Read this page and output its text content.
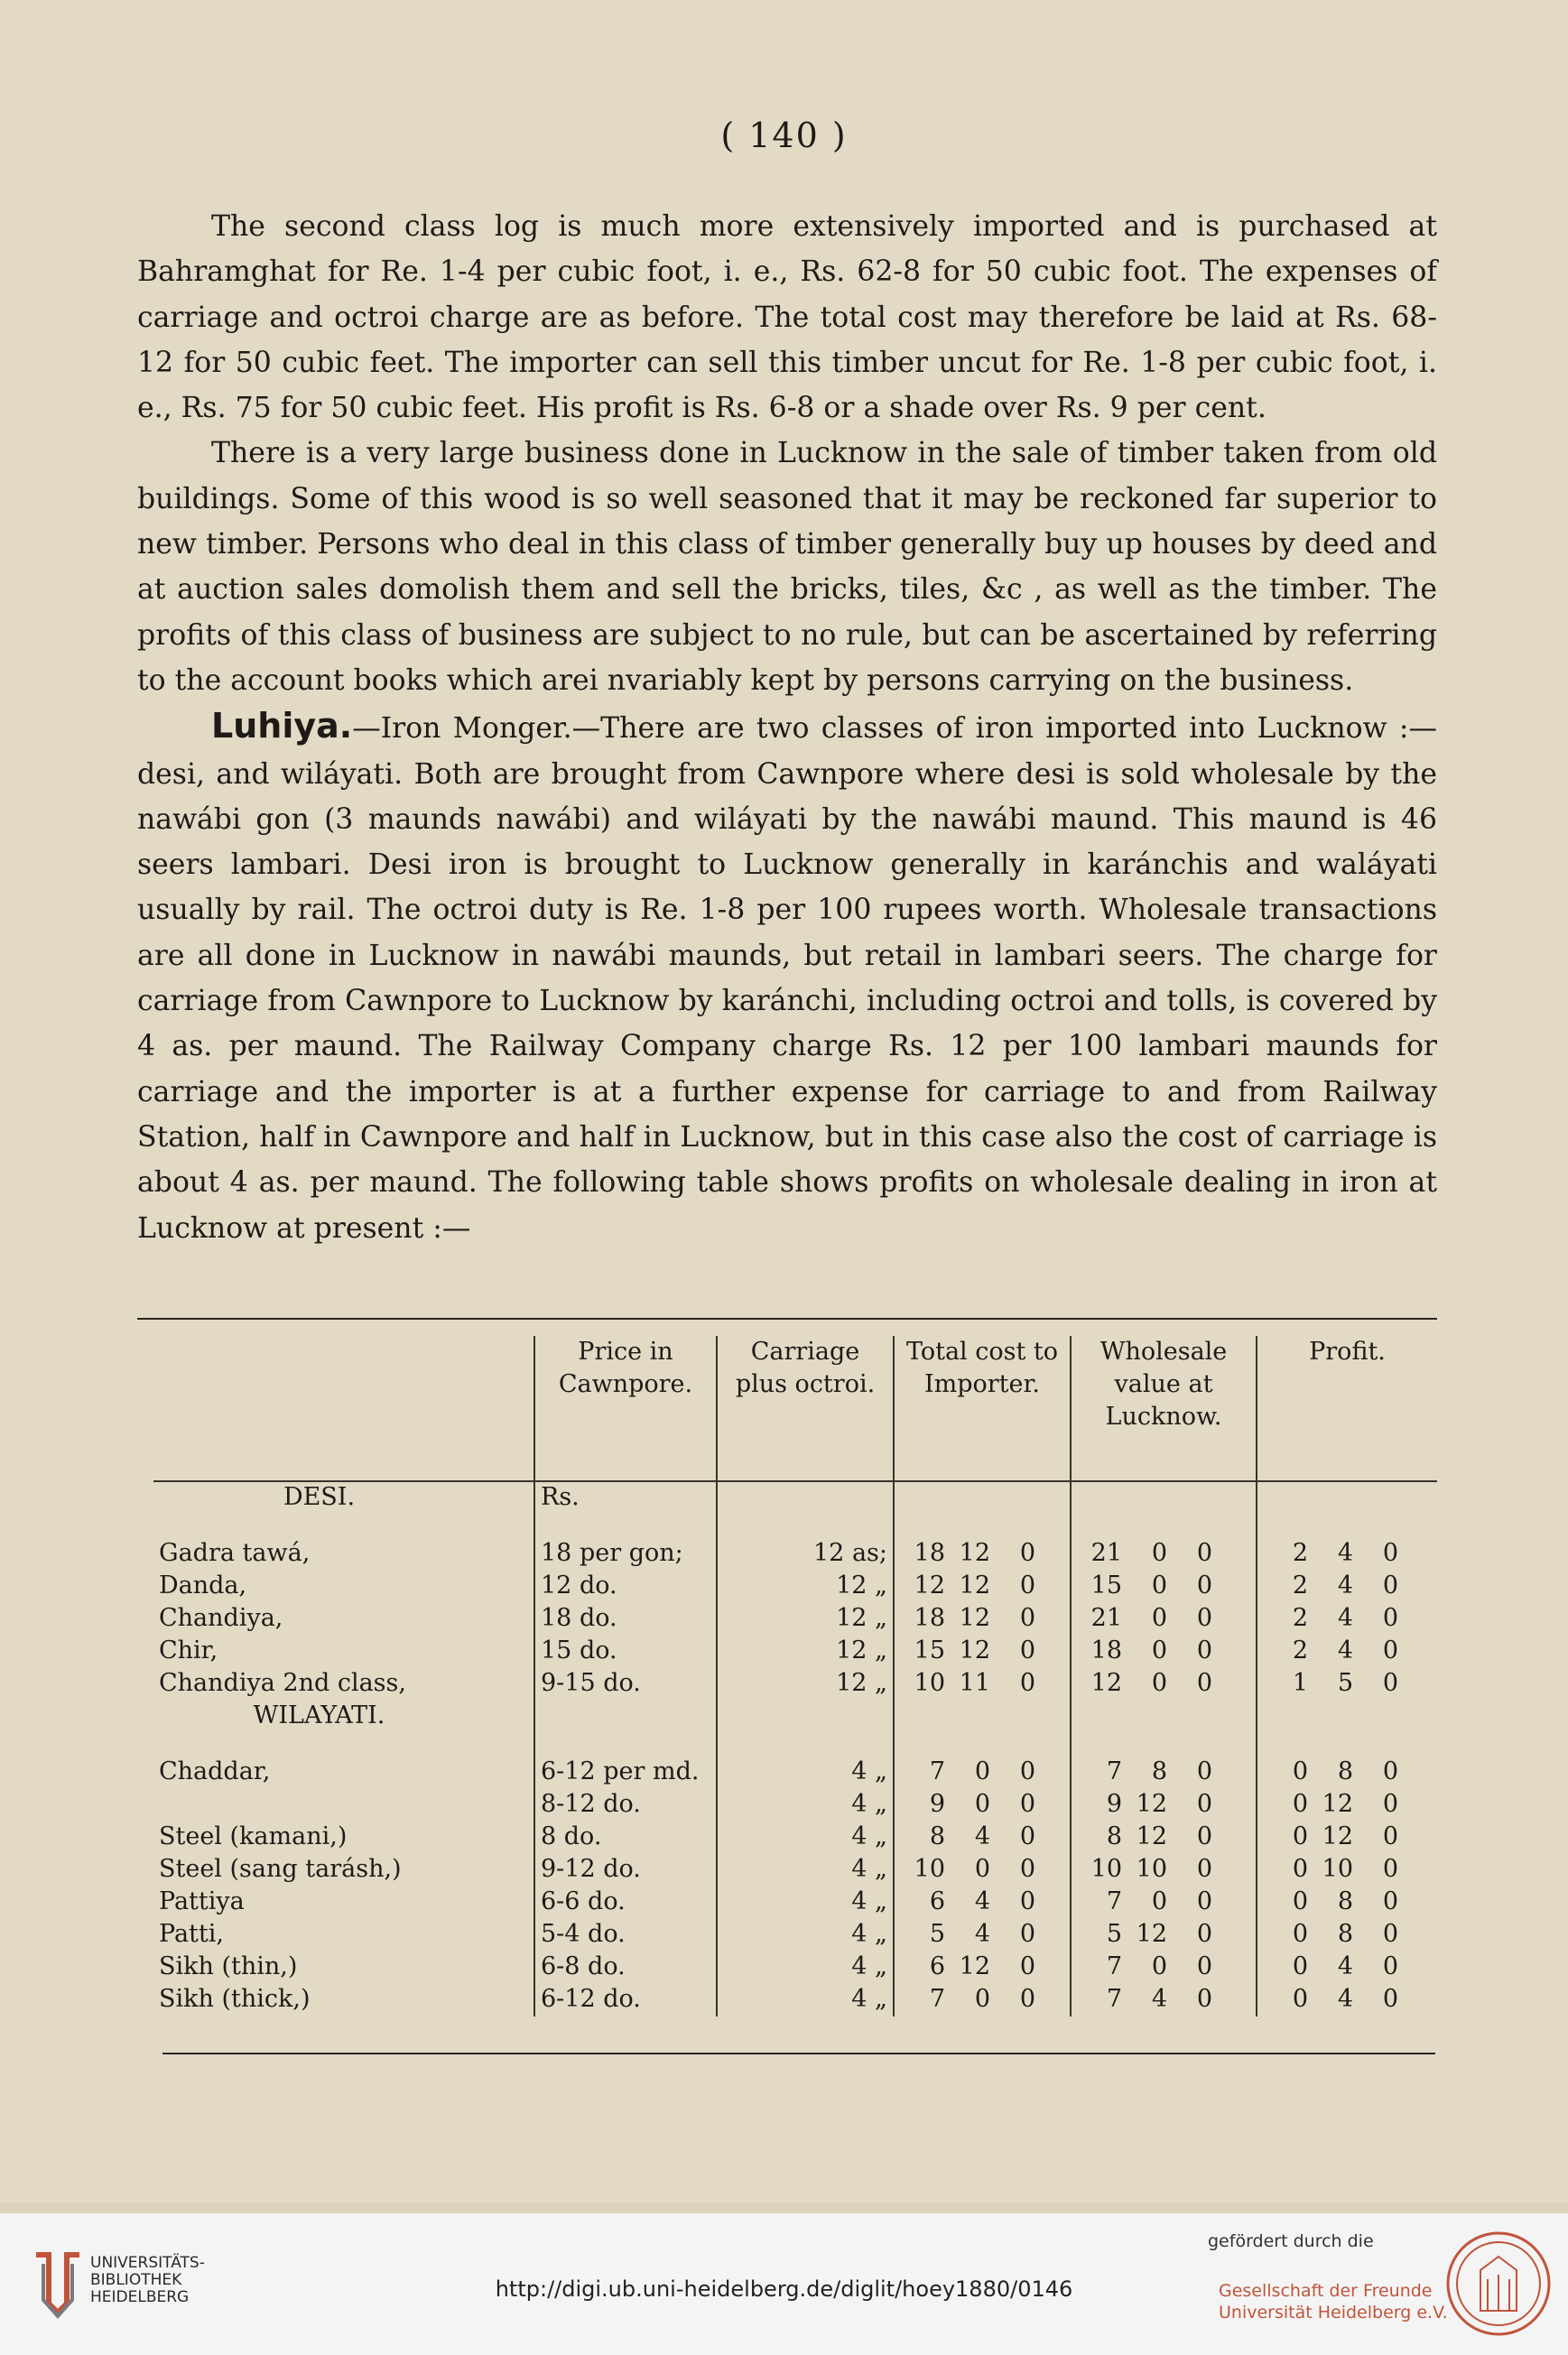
( 140 )

The second class log is much more extensively imported and is purchased at Bahramghat for Re. 1-4 per cubic foot, i. e., Rs. 62-8 for 50 cubic foot. The expenses of carriage and octroi charge are as before. The total cost may therefore be laid at Rs. 68-12 for 50 cubic feet. The importer can sell this timber uncut for Re. 1-8 per cubic foot, i. e., Rs. 75 for 50 cubic feet. His profit is Rs. 6-8 or a shade over Rs. 9 per cent.

There is a very large business done in Lucknow in the sale of timber taken from old buildings. Some of this wood is so well seasoned that it may be reckoned far superior to new timber. Persons who deal in this class of timber generally buy up houses by deed and at auction sales domolish them and sell the bricks, tiles, &c , as well as the timber. The profits of this class of business are subject to no rule, but can be ascertained by referring to the account books which arei nvariably kept by persons carrying on the business.

Luhiya.—Iron Monger.—There are two classes of iron imported into Lucknow :—desi, and wiláyati. Both are brought from Cawnpore where desi is sold wholesale by the nawábi gon (3 maunds nawábi) and wiláyati by the nawábi maund. This maund is 46 seers lambari. Desi iron is brought to Lucknow generally in karánchis and waláyati usually by rail. The octroi duty is Re. 1-8 per 100 rupees worth. Wholesale transactions are all done in Lucknow in nawábi maunds, but retail in lambari seers. The charge for carriage from Cawnpore to Lucknow by karánchi, including octroi and tolls, is covered by 4 as. per maund. The Railway Company charge Rs. 12 per 100 lambari maunds for carriage and the importer is at a further expense for carriage to and from Railway Station, half in Cawnpore and half in Lucknow, but in this case also the cost of carriage is about 4 as. per maund. The following table shows profits on wholesale dealing in iron at Lucknow at present :—

	Price in Cawnpore.	Carriage plus octroi.	Total cost to Importer.	Wholesale value at Lucknow.	Profit.
DESI.	Rs.				
Gadra tawá,	18 per gon;	12 as;	18 12 0	21 0 0	2 4 0
Danda,	12 do.	12 „	12 12 0	15 0 0	2 4 0
Chandiya,	18 do.	12 „	18 12 0	21 0 0	2 4 0
Chir,	15 do.	12 „	15 12 0	18 0 0	2 4 0
Chandiya 2nd class,	9-15 do.	12 „	10 11 0	12 0 0	1 5 0
WILAYATI.					
Chaddar,	6-12 per md.	4 „	7 0 0	7 8 0	0 8 0
	8-12 do.	4 „	9 0 0	9 12 0	0 12 0
Steel (kamani,)	8 do.	4 „	8 4 0	8 12 0	0 12 0
Steel (sang tarásh,)	9-12 do.	4 „	10 0 0	10 10 0	0 10 0
Pattiya	6-6 do.	4 „	6 4 0	7 0 0	0 8 0
Patti,	5-4 do.	4 „	5 4 0	5 12 0	0 8 0
Sikh (thin,)	6-8 do.	4 „	6 12 0	7 0 0	0 4 0
Sikh (thick,)	6-12 do.	4 „	7 0 0	7 4 0	0 4 0
UNIVERSITÄTS-
BIBLIOTHEK
HEIDELBERG	http://digi.ub.uni-heidelberg.de/diglit/hoey1880/0146
gefördert durch die
Gesellschaft der Freunde
Universität Heidelberg e.V.
